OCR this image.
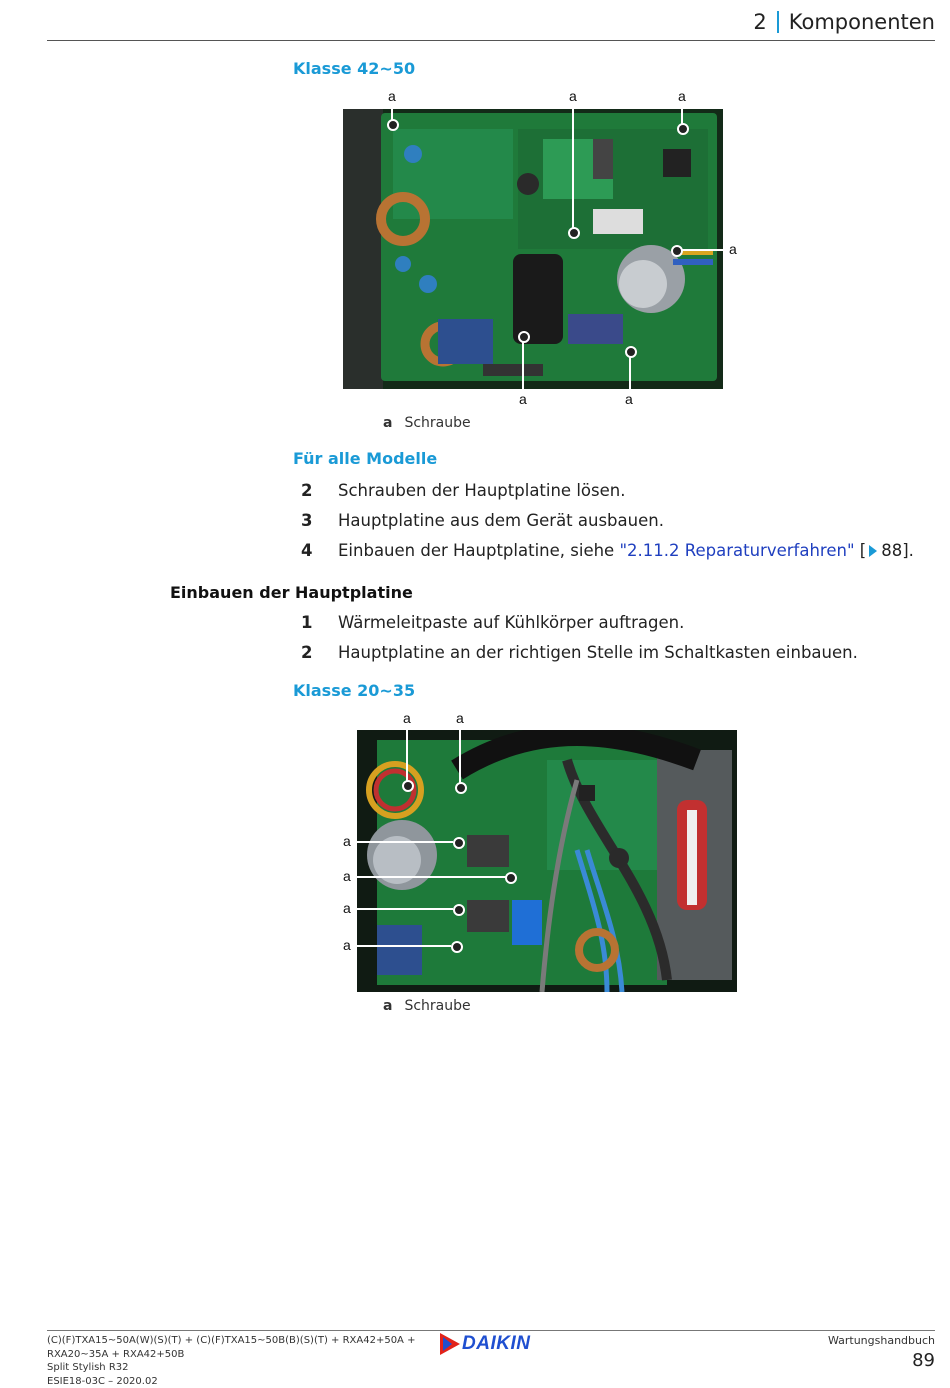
2 Komponenten
Klasse 42~50
a	a	a
a
a	a
a Schraube
Für alle Modelle
2	Schrauben der Hauptplatine lösen.
3	Hauptplatine aus dem Gerät ausbauen.
4	Einbauen der Hauptplatine, siehe "2.11.2 Reparaturverfahren" [ 88].
Einbauen der Hauptplatine
1	Wärmeleitpaste auf Kühlkörper auftragen.
2	Hauptplatine an der richtigen Stelle im Schaltkasten einbauen.
Klasse 20~35
a	a
a
a
a
a
a Schraube
(C)(F)TXA15~50A(W)(S)(T) + (C)(F)TXA15~50B(B)(S)(T) + RXA42+50A +
RXA20~35A + RXA42+50B
Split Stylish R32
ESIE18-03C – 2020.02
DAIKIN	Wartungshandbuch
89
